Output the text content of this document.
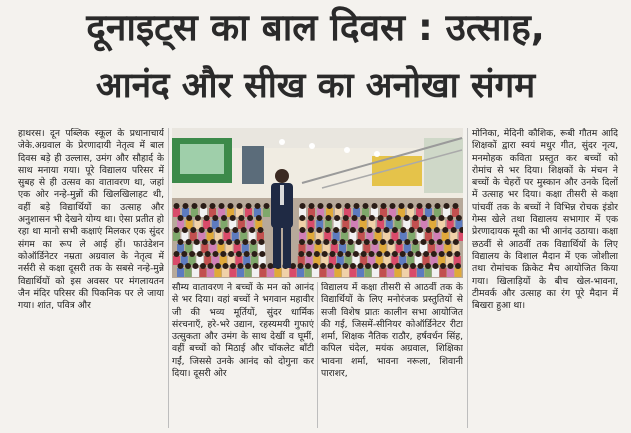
दूनाइट्स का बाल दिवस : उत्साह,
आनंद और सीख का अनोखा संगम

हाथरस। दून पब्लिक स्कूल के प्रधानाचार्य जेके.अग्रवाल के प्रेरणादायी नेतृत्व में बाल दिवस बड़े ही उल्लास, उमंग और सौहार्द के साथ मनाया गया। पूरे विद्यालय परिसर में सुबह से ही उत्सव का वातावरण था, जहां एक ओर नन्हे-मुन्नों की खिलखिलाहट थी, वहीं बड़े विद्यार्थियों का उत्साह और अनुशासन भी देखने योग्य था। ऐसा प्रतीत हो रहा था मानो सभी कक्षाएं मिलकर एक सुंदर संगम का रूप ले आई हों। फाउंडेशन कोऑर्डिनेटर नम्रता अग्रवाल के नेतृत्व में नर्सरी से कक्षा दूसरी तक के सबसे नन्हे-मुन्ने विद्यार्थियों को इस अवसर पर मंगलायतन जैन मंदिर परिसर की पिकनिक पर ले जाया गया। शांत, पवित्र और

सौम्य वातावरण ने बच्चों के मन को आनंद से भर दिया। वहां बच्चों ने भगवान महावीर जी की भव्य मूर्तियों, सुंदर धार्मिक संरचनाएँ, हरे-भरे उद्यान, रहस्यमयी गुफाएं उत्सुकता और उमंग के साथ देखीं व घूमीं, वहीं बच्चों को मिठाई और चॉकलेट बाँटी गईं, जिससे उनके आनंद को दोगुना कर दिया। दूसरी ओर

विद्यालय में कक्षा तीसरी से आठवीं तक के विद्यार्थियों के लिए मनोरंजक प्रस्तुतियों से सजी विशेष प्रातः कालीन सभा आयोजित की गई, जिसमें-सीनियर कोऑर्डिनेटर रीटा शर्मा, शिक्षक नैतिक राठौर, हर्षवर्धन सिंह, कपिल चंदेल, मयंक अग्रवाल, शिक्षिका भावना शर्मा, भावना नरूला, शिवानी पाराशर,

मोनिका, मेदिनी कौशिक, रूबी गौतम आदि शिक्षकों द्वारा स्वयं मधुर गीत, सुंदर नृत्य, मनमोहक कविता प्रस्तुत कर बच्चों को रोमांच से भर दिया। शिक्षकों के मंचन ने बच्चों के चेहरों पर मुस्कान और उनके दिलों में उत्साह भर दिया। कक्षा तीसरी से कक्षा पांचवीं तक के बच्चों ने विभिन्न रोचक इंडोर गेम्स खेले तथा विद्यालय सभागार में एक प्रेरणादायक मूवी का भी आनंद उठाया। कक्षा छठवीं से आठवीं तक विद्यार्थियों के लिए विद्यालय के विशाल मैदान में एक जोशीला तथा रोमांचक क्रिकेट मैच आयोजित किया गया। खिलाड़ियों के बीच खेल-भावना, टीमवर्क और उत्साह का रंग पूरे मैदान में बिखरा हुआ था।
